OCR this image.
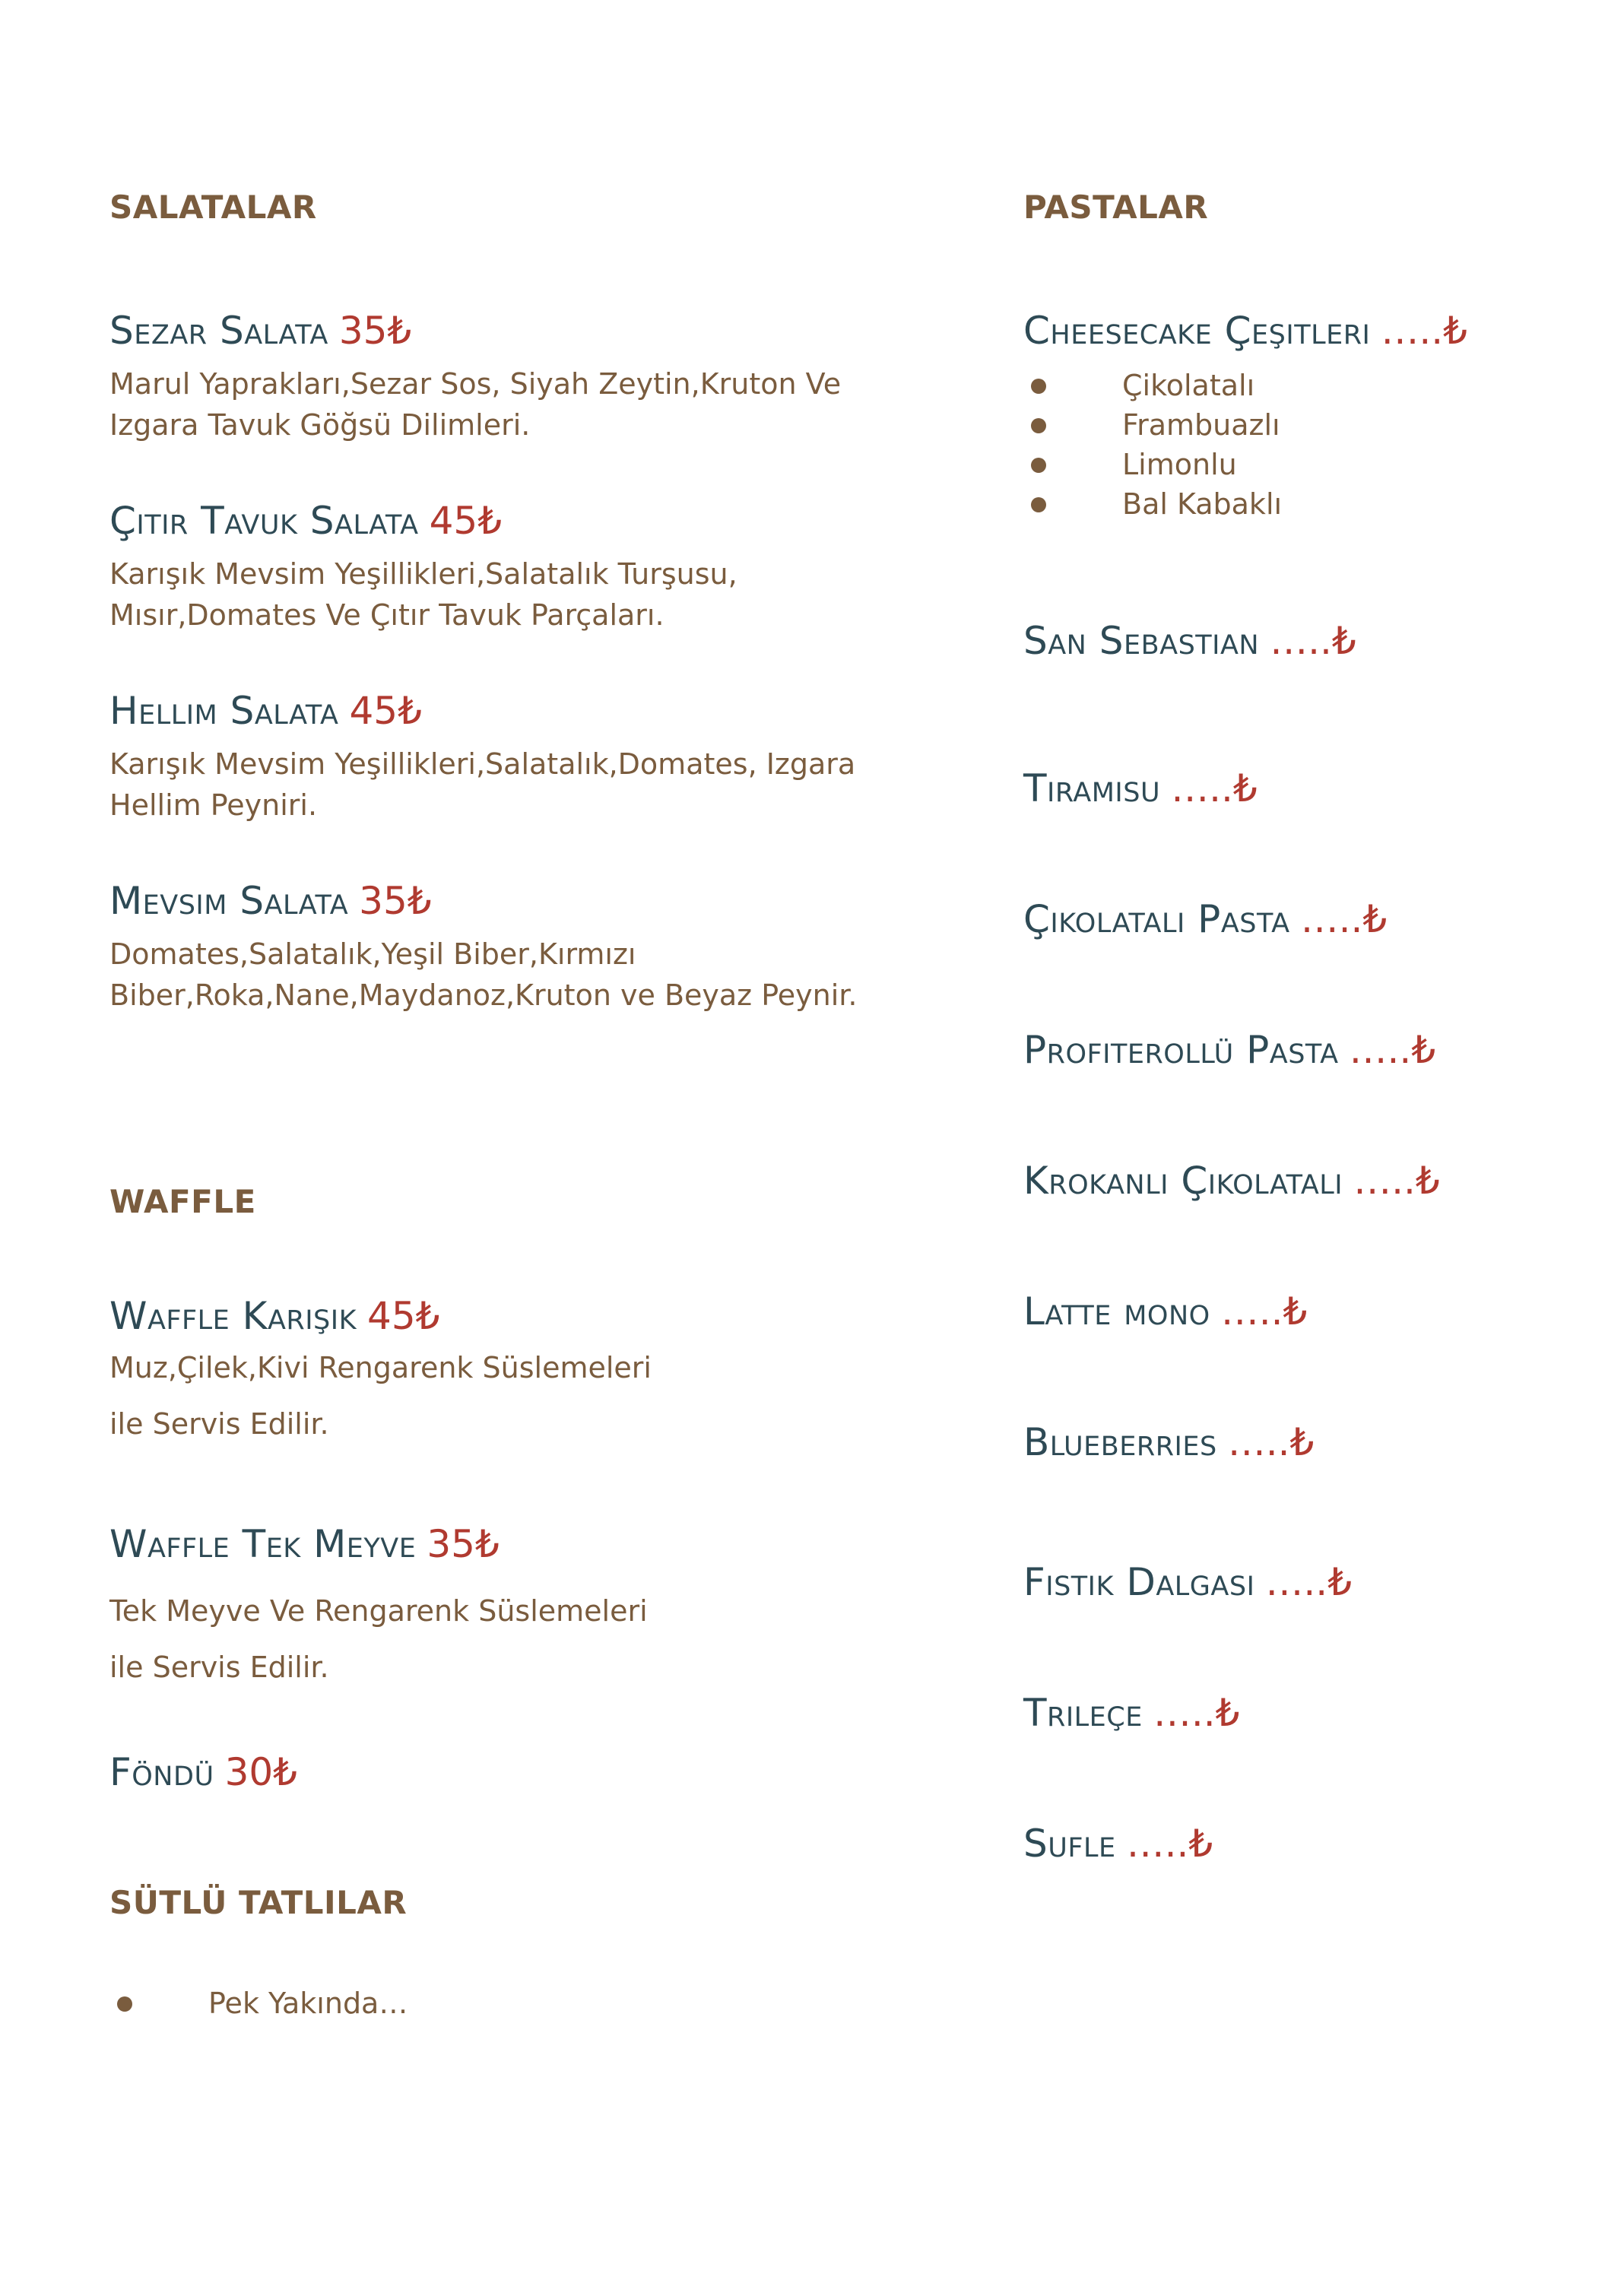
SALATALAR
Sezar Salata 35₺

Marul Yaprakları,Sezar Sos, Siyah Zeytin,Kruton Ve

Izgara Tavuk Göğsü Dilimleri.

Çıtır Tavuk Salata 45₺

Karışık Mevsim Yeşillikleri,Salatalık Turşusu,

Mısır,Domates Ve Çıtır Tavuk Parçaları.

Hellim Salata 45₺

Karışık Mevsim Yeşillikleri,Salatalık,Domates, Izgara

Hellim Peyniri.

Mevsim Salata 35₺

Domates,Salatalık,Yeşil Biber,Kırmızı

Biber,Roka,Nane,Maydanoz,Kruton ve Beyaz Peynir.

WAFFLE
Waffle Karışık 45₺

Muz,Çilek,Kivi Rengarenk Süslemeleri

ile Servis Edilir.

Waffle Tek Meyve 35₺

Tek Meyve Ve Rengarenk Süslemeleri

ile Servis Edilir.

Föndü 30₺
SÜTLÜ TATLILAR
Pek Yakında…
PASTALAR
Cheesecake Çeşitleri …..₺
Çikolatalı
Frambuazlı
Limonlu
Bal Kabaklı
San Sebastian …..₺
Tiramisu …..₺
Çikolatali Pasta …..₺
Profiterollü Pasta …..₺
Krokanli Çikolatali …..₺
Latte mono …..₺
Blueberries …..₺
Fistik Dalgasi …..₺
Trileçe …..₺
Sufle …..₺
